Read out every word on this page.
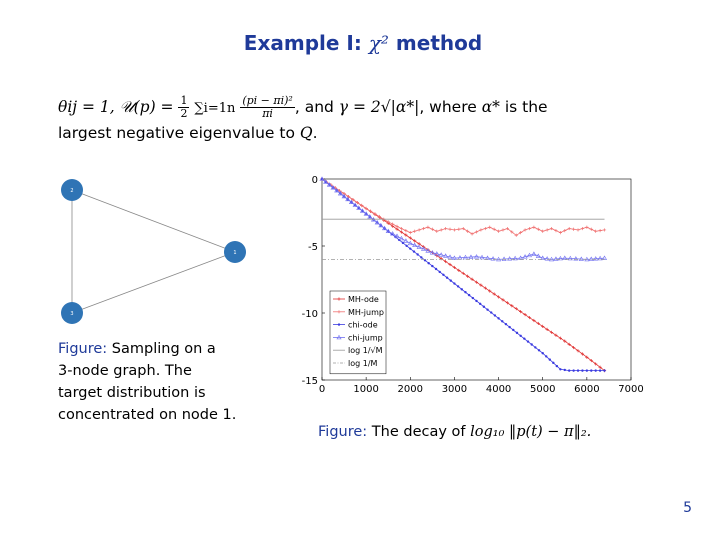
Example I: χ² method
θij = 1, 𝒰(p) = $\frac{1}{2} \sum i=1n \frac{\text{(pi − πi)²}}{\pi i}$ , and γ = 2√|α*|, where α* is the
largest negative eigenvalue to Q.
2
1
3
Figure: Sampling on a
3-node graph. The
target distribution is
concentrated on node 1.
0	1000 2000 3000 4000 5000 6000 7000
0
-5
-10
-15
MH-ode
MH-jump
chi-ode
chi-jump
log 1/√M
log 1/M
Figure: The decay of log₁₀ ‖p(t) − π‖₂.
5
